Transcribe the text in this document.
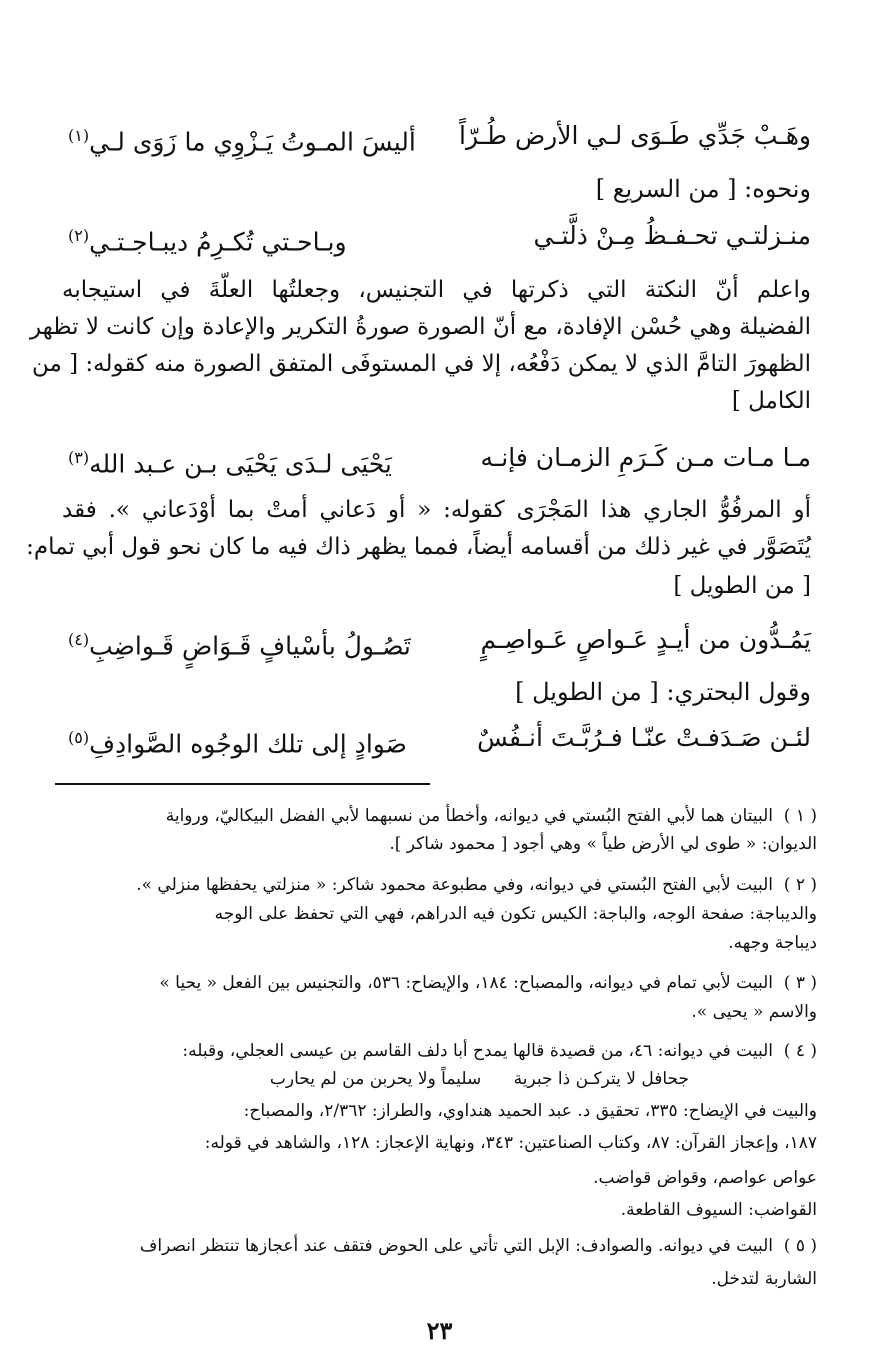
وهَـبْ جَدِّي طَـوَى لـي الأرض طُـرّاً
أليسَ المـوتُ يَـزْوِي ما زَوَى لـي$^{(١)}$
ونحوه: [ من السريع ]
منـزلتـي تحـفـظُ مِـنْ ذلَّتـي
وبـاحـتي تُكـرِمُ ديبـاجـتـي$^{(٢)}$
واعلم أنّ النكتة التي ذكرتها في التجنيس، وجعلتُها العلّةَ في استيجابه
الفضيلة وهي حُسْن الإفادة، مع أنّ الصورة صورةُ التكرير والإعادة وإن كانت لا تظهر
الظهورَ التامَّ الذي لا يمكن دَفْعُه، إلا في المستوفَى المتفق الصورة منه كقوله: [ من
الكامل ]
مـا مـات مـن كَـرَمِ الزمـان فإنـه
يَحْيَى لـدَى يَحْيَى بـن عـبد الله$^{(٣)}$
أو المرفُوُّ الجاري هذا المَجْرَى كقوله: « أو دَعاني أمتْ بما أوْدَعاني ». فقد
يُتَصَوَّر في غير ذلك من أقسامه أيضاً، فمما يظهر ذاك فيه ما كان نحو قول أبي تمام:
[ من الطويل ]
يَمُـدُّون من أيـدٍ عَـواصٍ عَـواصِـمٍ
تَصُـولُ بأسْيافٍ قَـوَاضٍ قَـواضِبِ$^{(٤)}$
وقول البحتري: [ من الطويل ]
لئـن صَـدَفـتْ عنّـا فـرُبَّـتَ أنـفُسٌ
صَوادٍ إلى تلك الوجُوه الصَّوادِفِ$^{(٥)}$
( ١ )البيتان هما لأبي الفتح البُستي في ديوانه، وأخطأ من نسبهما لأبي الفضل البيكاليّ، ورواية
الديوان: « طوى لي الأرض طياً » وهي أجود [ محمود شاكر ].
( ٢ )البيت لأبي الفتح البُستي في ديوانه، وفي مطبوعة محمود شاكر: « منزلتي يحفظها منزلي ».
والديباجة: صفحة الوجه، والباجة: الكيس تكون فيه الدراهم، فهي التي تحفظ على الوجه
ديباجة وجهه.
( ٣ )البيت لأبي تمام في ديوانه، والمصباح: ١٨٤، والإيضاح: ٥٣٦، والتجنيس بين الفعل « يحيا »
والاسم « يحيى ».
( ٤ )البيت في ديوانه: ٤٦، من قصيدة قالها يمدح أبا دلف القاسم بن عيسى العجلي، وقبله:
جحافل لا يتركـن ذا جبرية      سليماً ولا يحربن من لم يحارب
والبيت في الإيضاح: ٣٣٥، تحقيق د. عبد الحميد هنداوي، والطراز: ٢/٣٦٢، والمصباح:
١٨٧، وإعجاز القرآن: ٨٧، وكتاب الصناعتين: ٣٤٣، ونهاية الإعجاز: ١٢٨، والشاهد في قوله:
عواص عواصم، وقواض قواضب.
القواضب: السيوف القاطعة.
( ٥ )البيت في ديوانه. والصوادف: الإبل التي تأتي على الحوض فتقف عند أعجازها تنتظر انصراف
الشاربة لتدخل.
٢٣
